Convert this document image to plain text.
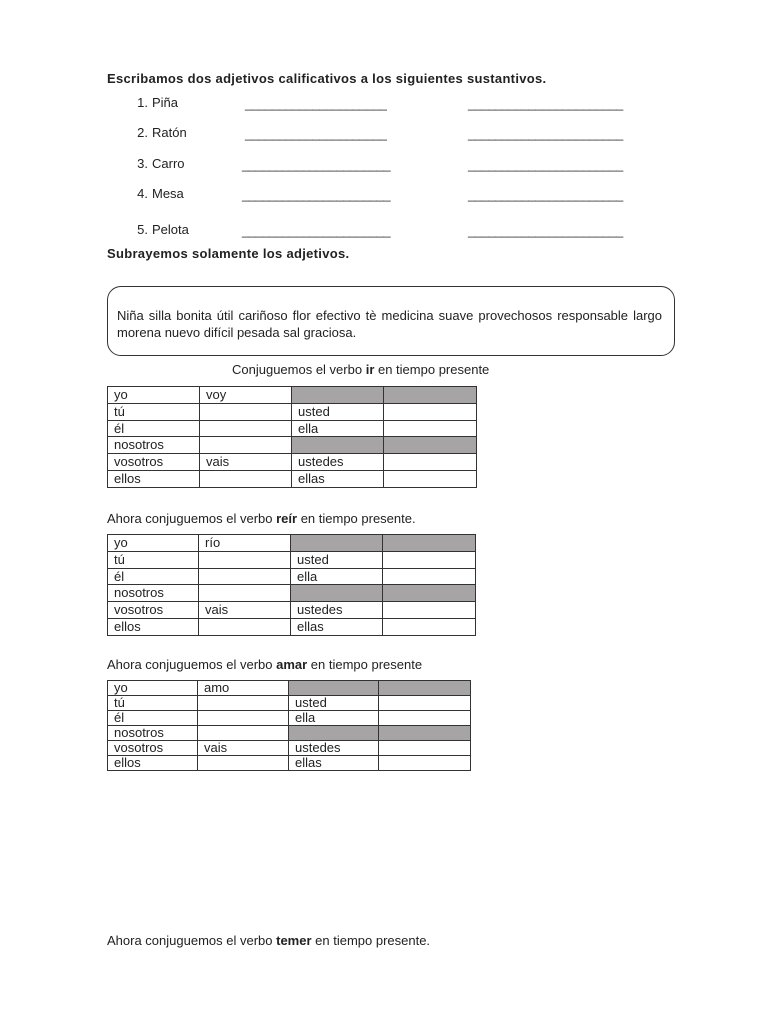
Escribamos dos adjetivos calificativos a los siguientes sustantivos.
1. Piña	_____________________	_______________________
2. Ratón	_____________________	_______________________
3. Carro	______________________	_______________________
4. Mesa	______________________	_______________________
5. Pelota	______________________	_______________________
Subrayemos solamente los adjetivos.

Niña silla bonita útil cariñoso flor efectivo tè medicina suave provechosos responsable largo morena nuevo difícil pesada sal graciosa.

Conjuguemos el verbo ir en tiempo presente
yo	voy		
tú		usted	
él		ella	
nosotros			
vosotros	vais	ustedes	
ellos		ellas	
Ahora conjuguemos el verbo reír en tiempo presente.
yo	río		
tú		usted	
él		ella	
nosotros			
vosotros	vais	ustedes	
ellos		ellas	
Ahora conjuguemos el verbo amar en tiempo presente
yo	amo		
tú		usted	
él		ella	
nosotros			
vosotros	vais	ustedes	
ellos		ellas	
Ahora conjuguemos el verbo temer en tiempo presente.
